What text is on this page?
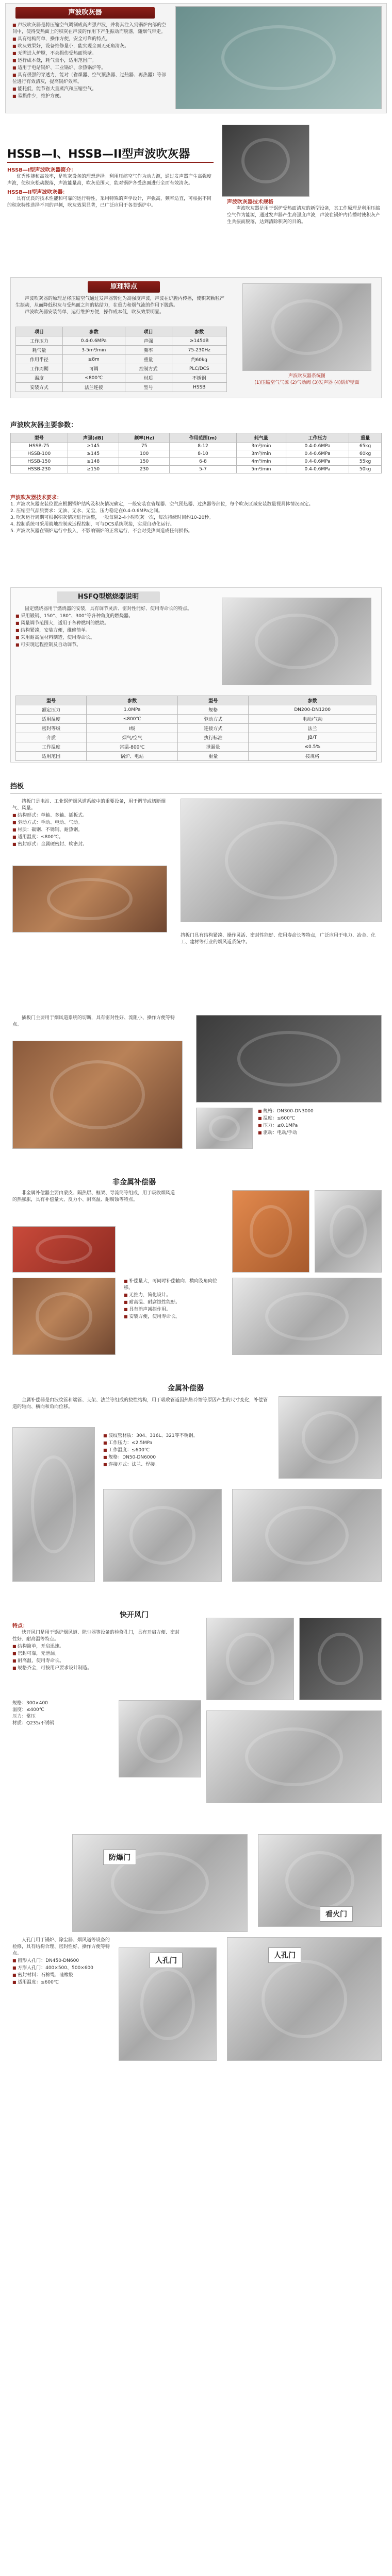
声波吹灰器
■ 声波吹灰器是将压缩空气调制成高声强声波，并将其注入到锅炉内部的空间中，使得受热面上的积灰在声波的作用下产生振动而脱落，随烟气带走。
■ 具有结构简单，操作方便，安全可靠的特点。
■ 吹灰效果好，设备维修量小，能实现全面无死角清灰。
■ 无需进入炉膛，不会损伤受热面管壁。
■ 运行成本低，耗气量小，适用范围广。
■ 适用于电站锅炉、工业锅炉、余热锅炉等。
■ 具有很强的穿透力，能对（省煤器、空气预热器、过热器、再热器）等部位进行有效清灰，提高锅炉效率。
■ 能耗低，能节省大量蒸汽和压缩空气。
■ 易损件少，维护方便。
HSSB—I、HSSB—II型声波吹灰器
HSSB—I型声波吹灰器简介：
优秀性能和高效率，是吹灰设备的理想选择。利用压缩空气作为动力源，通过发声器产生高强度声波，使积灰松动脱落，声波能量高，吹灰范围大，能对锅炉各受热面进行全面有效清灰。
HSSB—II型声波吹灰器：
具有优良的技术性能和可靠的运行特性，采用特殊的声学设计，声强高，频率适宜，可根据不同的积灰特性选择不同的声频，吹灰效果显著，已广泛应用于各类锅炉中。
声波吹灰器技术规格
声波吹灰器是用于锅炉受热面清灰的新型设备，其工作原理是利用压缩空气作为能源，通过发声器产生高强度声波，声波在锅炉内传播时使积灰产生共振而脱落，达到清除积灰的目的。
原理特点
声波吹灰器的原理是将压缩空气通过发声器转化为高强度声波，声波在炉膛内传播，使积灰颗粒产生振动，从而降低积灰与受热面之间的粘结力，在重力和烟气流的作用下脱落。
声波吹灰器安装简单，运行维护方便，操作成本低，吹灰效果明显。
项目	参数	项目	参数
工作压力	0.4-0.6MPa	声强	≥145dB
耗气量	3-5m³/min	频率	75-230Hz
作用半径	≥8m	重量	约60kg
工作周期	可调	控制方式	PLC/DCS
温度	≤800℃	材质	不锈钢
安装方式	法兰连接	型号	HSSB
声波吹灰器系统图
(1)压缩空气气源 (2)气动阀 (3)发声器 (4)锅炉壁面
声波吹灰器主要参数：
型号	声强(dB)	频率(Hz)	作用范围(m)	耗气量	工作压力	重量
HSSB-75	≥145	75	8-12	3m³/min	0.4-0.6MPa	65kg
HSSB-100	≥145	100	8-10	3m³/min	0.4-0.6MPa	60kg
HSSB-150	≥148	150	6-8	4m³/min	0.4-0.6MPa	55kg
HSSB-230	≥150	230	5-7	5m³/min	0.4-0.6MPa	50kg
声波吹灰器技术要求：
1. 声波吹灰器安装位置应根据锅炉结构及积灰情况确定，一般安装在省煤器、空气预热器、过热器等部位，每个吹灰区域安装数量视具体情况而定。
2. 压缩空气品质要求：无油、无水、无尘，压力稳定在0.4-0.6MPa之间。
3. 吹灰运行周期可根据积灰情况进行调整，一般每隔2-4小时吹灰一次，每次持续时间约10-20秒。
4. 控制系统可采用就地控制或远程控制，可与DCS系统联接，实现自动化运行。
5. 声波吹灰器在锅炉运行中投入，不影响锅炉的正常运行，不会对受热面造成任何损伤。
HSFQ型燃烧器说明
固定燃烧器用于燃烧器的安装，具有调节灵活、密封性能好、使用寿命长的特点。
■ 采用锻钢、150°、180°、300°等各种角度的燃烧器。
■ 风量调节范围大，适用于各种燃料的燃烧。
■ 结构紧凑，安装方便，维修简单。
■ 采用耐高温材料制造，使用寿命长。
■ 可实现远程控制及自动调节。
型号	参数	型号	参数
额定压力	1.0MPa	规格	DN200-DN1200
适用温度	≤800℃	驱动方式	电动/气动
密封等级	Ⅰ级	连接方式	法兰
介质	烟气/空气	执行标准	JB/T
工作温度	常温-800℃	泄漏量	≤0.5%
适用范围	锅炉、电站	重量	按规格
挡板
挡板门是电站、工业锅炉烟风道系统中的重要设备，用于调节或切断烟气、风量。
■ 结构形式：单轴、多轴、插板式。
■ 驱动方式：手动、电动、气动。
■ 材质：碳钢、不锈钢、耐热钢。
■ 适用温度：≤800℃。
■ 密封形式：金属硬密封、软密封。
挡板门具有结构紧凑、操作灵活、密封性能好、使用寿命长等特点，广泛应用于电力、冶金、化工、建材等行业的烟风道系统中。
插板门主要用于烟风道系统的切断，具有密封性好、流阻小、操作方便等特点。
■ 规格：DN300-DN3000
■ 温度：≤600℃
■ 压力：≤0.1MPa
■ 驱动：电动/手动
非金属补偿器
非金属补偿器主要由蒙皮、隔热层、框架、导流筒等组成，用于吸收烟风道的热膨胀，具有补偿量大、反力小、耐高温、耐腐蚀等特点。
■ 补偿量大，可同时补偿轴向、横向及角向位移。
■ 无推力，简化设计。
■ 耐高温、耐腐蚀性能好。
■ 具有消声减振作用。
■ 安装方便，使用寿命长。
金属补偿器
金属补偿器是由波纹管和端管、支架、法兰等组成的挠性结构，用于吸收管道因热胀冷缩等原因产生的尺寸变化，补偿管道的轴向、横向和角向位移。
■ 波纹管材质：304、316L、321等不锈钢。
■ 工作压力：≤2.5MPa
■ 工作温度：≤600℃
■ 规格：DN50-DN6000
■ 连接方式：法兰、焊接。
快开风门
特点：
快开风门是用于锅炉烟风道、除尘器等设备的检修孔门，具有开启方便、密封性好、耐高温等特点。
■ 结构简单，开启迅速。
■ 密封可靠，无泄漏。
■ 耐高温，使用寿命长。
■ 规格齐全，可按用户要求设计制造。
规格：300×400
温度：≤400℃
压力：常压
材质：Q235/不锈钢
防爆门
看火门
人孔门用于锅炉、除尘器、烟风道等设备的检修，具有结构合理、密封性好、操作方便等特点。
■ 圆形人孔门：DN450-DN600
■ 方形人孔门：400×500、500×600
■ 密封材料：石棉绳、硅橡胶
■ 适用温度：≤600℃
人孔门
人孔门
